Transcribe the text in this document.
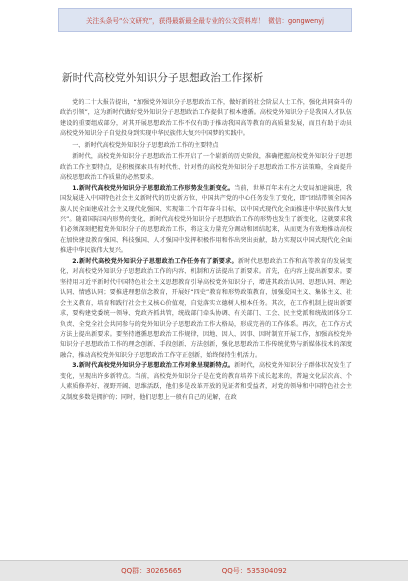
关注头条号“公文研究”，获得最新最全最专业的公文资料库！ 微信：gongwenyj
新时代高校党外知识分子思想政治工作探析

党的二十大报告提出，“加强党外知识分子思想政治工作，做好新的社会阶层人士工作，强化共同奋斗的政治引领”，这为新时代做好党外知识分子思想政治工作提供了根本遵循。高校党外知识分子是我国人才队伍建设的重要组成部分，对其开展思想政治工作不仅有助于推动我国高等教育的高质量发展，而且有助于动员高校党外知识分子自觉投身到实现中华民族伟大复兴中国梦的实践中。

一、新时代高校党外知识分子思想政治工作的主要特点

新时代，高校党外知识分子思想政治工作开启了一个崭新的历史阶段，准确把握高校党外知识分子思想政治工作主要特点，是积极探索具有时代性、针对性的高校党外知识分子思想政治工作方法策略，全面提升高校思想政治工作质量的必然要求。

1.新时代高校党外知识分子思想政治工作形势发生新变化。当前，世界百年未有之大变局加速演进，我国发展进入中国特色社会主义新时代的历史新方位，中国共产党的中心任务发生了变化，即“团结带领全国各族人民全面建成社会主义现代化强国、实现第二个百年奋斗目标，以中国式现代化全面推进中华民族伟大复兴”。随着国际国内形势的变化，新时代高校党外知识分子思想政治工作的形势也发生了新变化，这就要求我们必须深刻把握党外知识分子的思想政治工作，将这支力量充分调动和团结起来，从而更为有效地推动高校在加快建设教育强国、科技强国、人才强国中发挥积极作用和作出突出贡献，助力实现以中国式现代化全面推进中华民族伟大复兴。

2.新时代高校党外知识分子思想政治工作任务有了新要求。新时代思想政治工作和高等教育的发展变化，对高校党外知识分子思想政治工作的内容、机制和方法提出了新要求。首先，在内容上提出新要求。要坚持用习近平新时代中国特色社会主义思想教育引导高校党外知识分子，增进其政治认同、思想认同、理论认同、情感认同；要推进理想信念教育，开展好“四史”教育和形势政策教育，加强爱国主义、集体主义、社会主义教育，培育和践行社会主义核心价值观，自觉落实立德树人根本任务。其次，在工作机制上提出新要求，要构建党委统一领导、党政齐抓共管，统战部门牵头协调、有关部门、工会、民主党派和统战团体分工负责、全党全社会共同参与的党外知识分子思想政治工作大格局，形成完善的工作体系。再次，在工作方式方法上提出新要求。要坚持遵循思想政治工作规律，因地、因人、因事、因时制宜开展工作，加强高校党外知识分子思想政治工作的理念创新、手段创新、方法创新，强化思想政治工作传统优势与新媒体技术的深度融合，推动高校党外知识分子思想政治工作守正创新，始终保持生机活力。

3.新时代高校党外知识分子思想政治工作对象呈现新特点。新时代，高校党外知识分子群体状况发生了变化，呈现出许多新特点。当前，高校党外知识分子是在党的教育培养下成长起来的，普遍文化层次高、个人素质修养好、视野开阔、思维活跃，他们多是改革开放的见证者和受益者，对党的领导和中国特色社会主义制度多数是拥护的；同时，他们思想上一般有自己的见解，在政

QQ群：30265665	QQ号：535304092
